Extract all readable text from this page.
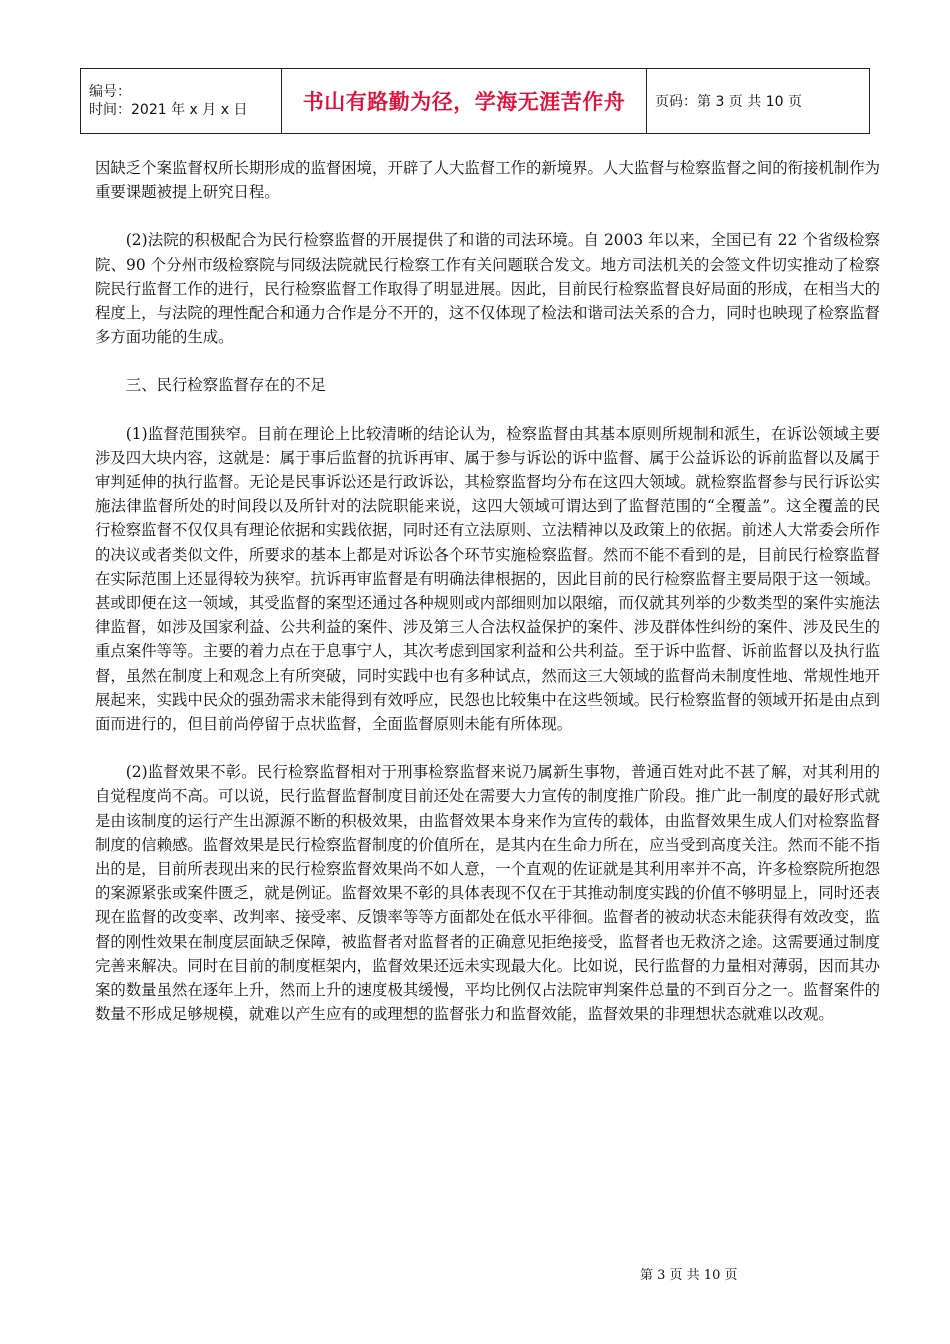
编号：
时间：2021 年 x 月 x 日	书山有路勤为径，学海无涯苦作舟	页码：第 3 页 共 10 页

因缺乏个案监督权所长期形成的监督困境，开辟了人大监督工作的新境界。人大监督与检察监督之间的衔接机制作为重要课题被提上研究日程。

(2)法院的积极配合为民行检察监督的开展提供了和谐的司法环境。自 2003 年以来，全国已有 22 个省级检察院、90 个分州市级检察院与同级法院就民行检察工作有关问题联合发文。地方司法机关的会签文件切实推动了检察院民行监督工作的进行，民行检察监督工作取得了明显进展。因此，目前民行检察监督良好局面的形成，在相当大的程度上，与法院的理性配合和通力合作是分不开的，这不仅体现了检法和谐司法关系的合力，同时也映现了检察监督多方面功能的生成。

三、民行检察监督存在的不足

(1)监督范围狭窄。目前在理论上比较清晰的结论认为，检察监督由其基本原则所规制和派生，在诉讼领域主要涉及四大块内容，这就是：属于事后监督的抗诉再审、属于参与诉讼的诉中监督、属于公益诉讼的诉前监督以及属于审判延伸的执行监督。无论是民事诉讼还是行政诉讼，其检察监督均分布在这四大领域。就检察监督参与民行诉讼实施法律监督所处的时间段以及所针对的法院职能来说，这四大领域可谓达到了监督范围的“全覆盖”。这全覆盖的民行检察监督不仅仅具有理论依据和实践依据，同时还有立法原则、立法精神以及政策上的依据。前述人大常委会所作的决议或者类似文件，所要求的基本上都是对诉讼各个环节实施检察监督。然而不能不看到的是，目前民行检察监督在实际范围上还显得较为狭窄。抗诉再审监督是有明确法律根据的，因此目前的民行检察监督主要局限于这一领域。甚或即便在这一领域，其受监督的案型还通过各种规则或内部细则加以限缩，而仅就其列举的少数类型的案件实施法律监督，如涉及国家利益、公共利益的案件、涉及第三人合法权益保护的案件、涉及群体性纠纷的案件、涉及民生的重点案件等等。主要的着力点在于息事宁人，其次考虑到国家利益和公共利益。至于诉中监督、诉前监督以及执行监督，虽然在制度上和观念上有所突破，同时实践中也有多种试点，然而这三大领域的监督尚未制度性地、常规性地开展起来，实践中民众的强劲需求未能得到有效呼应，民怨也比较集中在这些领域。民行检察监督的领域开拓是由点到面而进行的，但目前尚停留于点状监督，全面监督原则未能有所体现。

(2)监督效果不彰。民行检察监督相对于刑事检察监督来说乃属新生事物，普通百姓对此不甚了解，对其利用的自觉程度尚不高。可以说，民行监督监督制度目前还处在需要大力宣传的制度推广阶段。推广此一制度的最好形式就是由该制度的运行产生出源源不断的积极效果，由监督效果本身来作为宣传的载体，由监督效果生成人们对检察监督制度的信赖感。监督效果是民行检察监督制度的价值所在，是其内在生命力所在，应当受到高度关注。然而不能不指出的是，目前所表现出来的民行检察监督效果尚不如人意，一个直观的佐证就是其利用率并不高，许多检察院所抱怨的案源紧张或案件匮乏，就是例证。监督效果不彰的具体表现不仅在于其推动制度实践的价值不够明显上，同时还表现在监督的改变率、改判率、接受率、反馈率等等方面都处在低水平徘徊。监督者的被动状态未能获得有效改变，监督的刚性效果在制度层面缺乏保障，被监督者对监督者的正确意见拒绝接受，监督者也无救济之途。这需要通过制度完善来解决。同时在目前的制度框架内，监督效果还远未实现最大化。比如说，民行监督的力量相对薄弱，因而其办案的数量虽然在逐年上升，然而上升的速度极其缓慢，平均比例仅占法院审判案件总量的不到百分之一。监督案件的数量不形成足够规模，就难以产生应有的或理想的监督张力和监督效能，监督效果的非理想状态就难以改观。

第 3 页 共 10 页
